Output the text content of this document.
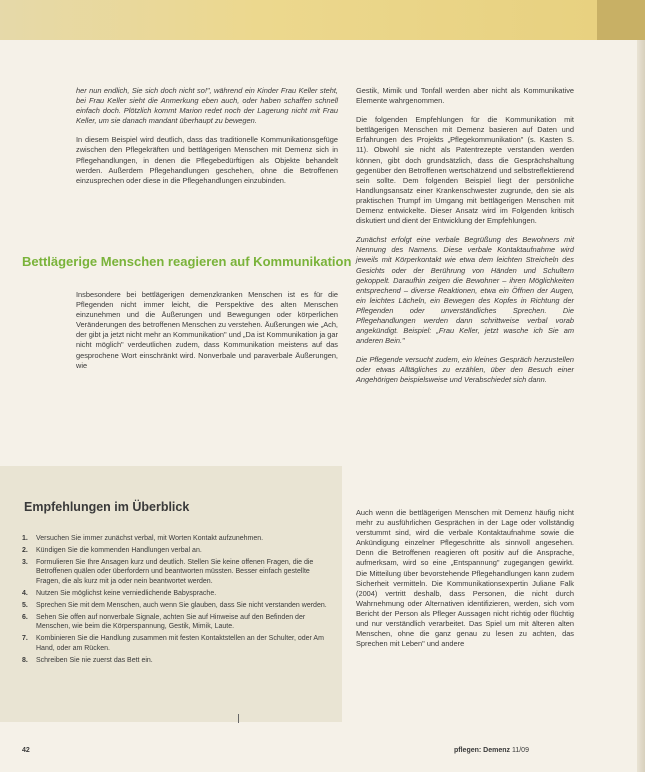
her nun endlich, Sie sich doch nicht so!", während ein Kinder Frau Keller steht, bei Frau Keller sieht die Anmerkung eben auch, oder haben schaffen schnell einfach doch. Plötzlich kommt Marion redet noch der Lagerung nicht mit Frau Keller, um sie danach mandant überhaupt zu bewegen.

In diesem Beispiel wird deutlich, dass das traditionelle Kommunikationsgefüge zwischen den Pflegekräften und bettlägerigen Menschen mit Demenz sich in Pflegehandlungen, in denen die Pflegebedürftigen als Objekte behandelt werden. Außerdem Pflegehandlungen geschehen, ohne die Betroffenen einzusprechen oder diese in die Pflegehandlungen einzubinden.

Bettlägerige Menschen reagieren auf Kommunikation

Insbesondere bei bettlägerigen demenzkranken Menschen ist es für die Pflegenden nicht immer leicht, die Perspektive des alten Menschen einzunehmen und die Äußerungen und Bewegungen oder körperlichen Veränderungen des betroffenen Menschen zu verstehen. Äußerungen wie „Ach, der gibt ja jetzt nicht mehr an Kommunikation" und „Da ist Kommunikation ja gar nicht möglich" verdeutlichen zudem, dass Kommunikation meistens auf das gesprochene Wort einschränkt wird. Nonverbale und paraverbale Äußerungen, wie

Gestik, Mimik und Tonfall werden aber nicht als Kommunikative Elemente wahrgenommen.

Die folgenden Empfehlungen für die Kommunikation mit bettlägerigen Menschen mit Demenz basieren auf Daten und Erfahrungen des Projekts „Pflegekommunikation" (s. Kasten S. 11). Obwohl sie nicht als Patentrezepte verstanden werden können, gibt doch grundsätzlich, dass die Gesprächshaltung gegenüber den Betroffenen wertschätzend und selbstreflektierend sein sollte. Dem folgenden Beispiel liegt der persönliche Handlungsansatz einer Krankenschwester zugrunde, den sie als praktischen Trumpf im Umgang mit bettlägerigen Menschen mit Demenz entwickelte. Dieser Ansatz wird im Folgenden kritisch diskutiert und dient der Entwicklung der Empfehlungen.

Zunächst erfolgt eine verbale Begrüßung des Bewohners mit Nennung des Namens. Diese verbale Kontaktaufnahme wird jeweils mit Körperkontakt wie etwa dem leichten Streicheln des Gesichts oder der Berührung von Händen und Schultern gekoppelt. Daraufhin zeigen die Bewohner – ihren Möglichkeiten entsprechend – diverse Reaktionen, etwa ein Öffnen der Augen, ein leichtes Lächeln, ein Bewegen des Kopfes in Richtung der Pflegenden oder unverständliches Sprechen. Die Pflegehandlungen werden dann schrittweise verbal vorab angekündigt. Beispiel: „Frau Keller, jetzt wasche ich Sie am anderen Bein."

Die Pflegende versucht zudem, ein kleines Gespräch herzustellen oder etwas Alltägliches zu erzählen, über den Besuch einer Angehörigen beispielsweise und Verabschiedet sich dann.

Auch wenn die bettlägerigen Menschen mit Demenz häufig nicht mehr zu ausführlichen Gesprächen in der Lage oder vollständig verstummt sind, wird die verbale Kontaktaufnahme sowie die Ankündigung einzelner Pflegeschritte als sinnvoll angesehen. Denn die Betroffenen reagieren oft positiv auf die Ansprache, aufmerksam, wird so eine „Entspannung" zugegangen gewirkt. Die Mitteilung über bevorstehende Pflegehandlungen kann zudem Sicherheit vermitteln. Die Kommunikationsexpertin Juliane Falk (2004) vertritt deshalb, dass Personen, die nicht durch Wahrnehmung oder Alternativen identifizieren, werden, sich vom Bericht der Person als Pfleger Aussagen nicht richtig oder flüchtig und nur verständlich verarbeitet. Das Spiel um mit älteren alten Menschen, ohne die ganz genau zu lesen zu achten, das Sprechen mit Leben" und andere

Empfehlungen im Überblick
1.	Versuchen Sie immer zunächst verbal, mit Worten Kontakt aufzunehmen.
2.	Kündigen Sie die kommenden Handlungen verbal an.
3.	Formulieren Sie Ihre Ansagen kurz und deutlich. Stellen Sie keine offenen Fragen, die die Betroffenen quälen oder überfordern und beantworten müssten. Besser einfach gestellte Fragen, die als kurz mit ja oder nein beantwortet werden.
4.	Nutzen Sie möglichst keine verniedlichende Babysprache.
5.	Sprechen Sie mit dem Menschen, auch wenn Sie glauben, dass Sie nicht verstanden werden.
6.	Sehen Sie offen auf nonverbale Signale, achten Sie auf Hinweise auf den Befinden der Menschen, wie beim die Körperspannung, Gestik, Mimik, Laute.
7.	Kombinieren Sie die Handlung zusammen mit festen Kontaktstellen an der Schulter, oder Am Hand, oder am Rücken.
8.	Schreiben Sie nie zuerst das Bett ein.
42	pflegen: Demenz 11/09
